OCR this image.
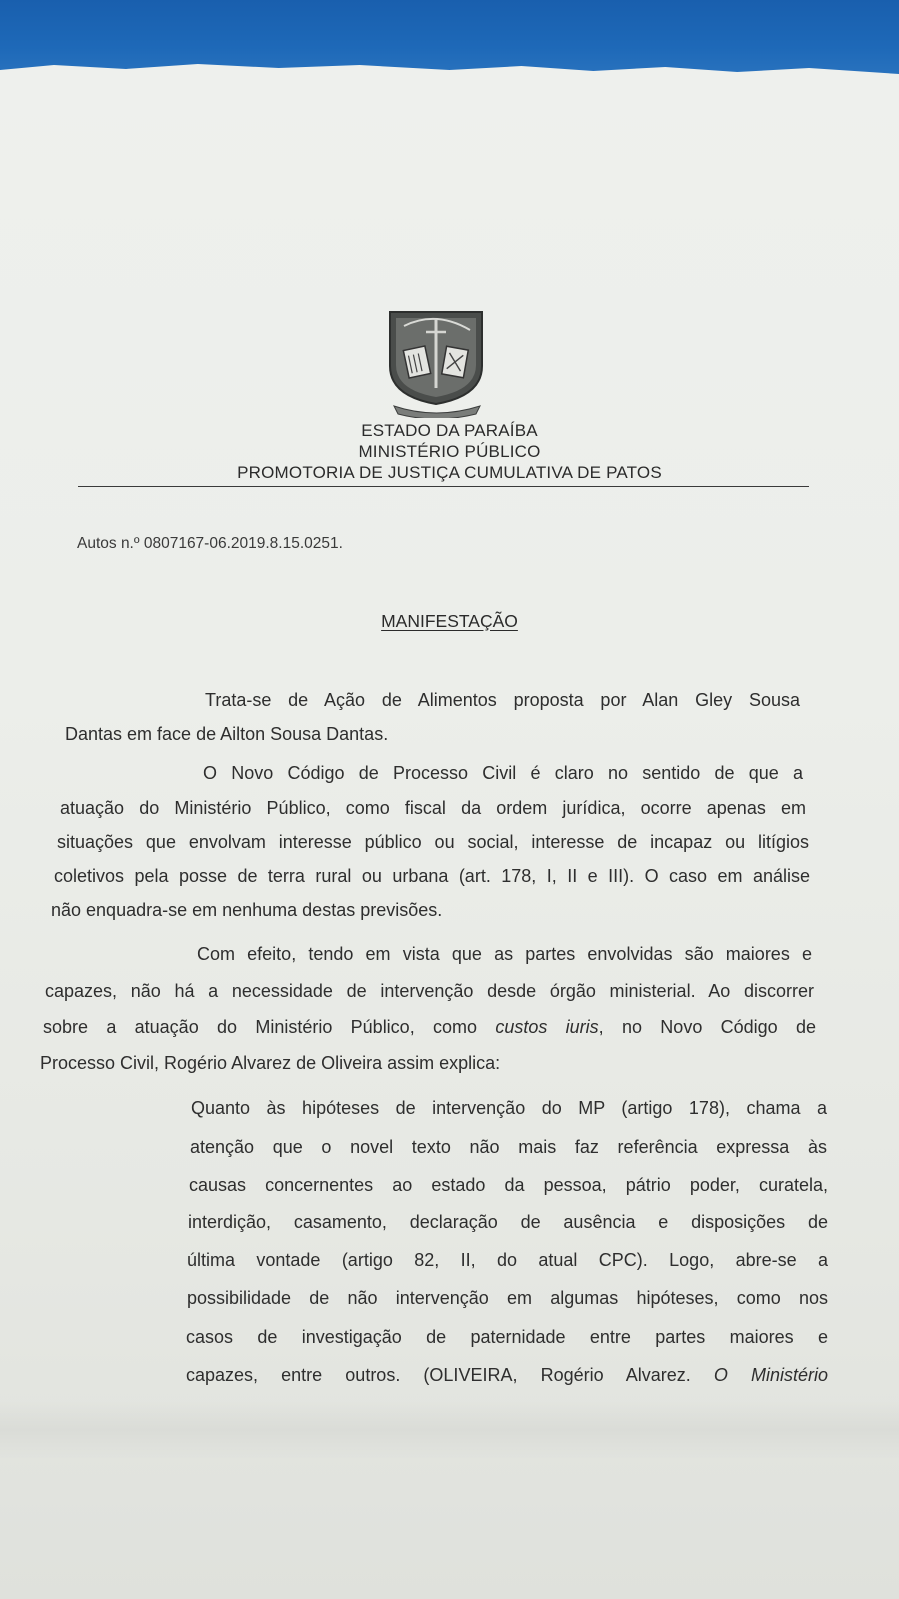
ESTADO DA PARAÍBA
MINISTÉRIO PÚBLICO
PROMOTORIA DE JUSTIÇA CUMULATIVA DE PATOS
Autos n.º 0807167-06.2019.8.15.0251.
MANIFESTAÇÃO
Trata-se de Ação de Alimentos proposta por Alan Gley Sousa
Dantas em face de Ailton Sousa Dantas.
O Novo Código de Processo Civil é claro no sentido de que a
atuação do Ministério Público, como fiscal da ordem jurídica, ocorre apenas em
situações que envolvam interesse público ou social, interesse de incapaz ou litígios
coletivos pela posse de terra rural ou urbana (art. 178, I, II e III). O caso em análise
não enquadra-se em nenhuma destas previsões.
Com efeito, tendo em vista que as partes envolvidas são maiores e
capazes, não há a necessidade de intervenção desde órgão ministerial. Ao discorrer
sobre a atuação do Ministério Público, como custos iuris, no Novo Código de
Processo Civil, Rogério Alvarez de Oliveira assim explica:
Quanto às hipóteses de intervenção do MP (artigo 178), chama a
atenção que o novel texto não mais faz referência expressa às
causas concernentes ao estado da pessoa, pátrio poder, curatela,
interdição, casamento, declaração de ausência e disposições de
última vontade (artigo 82, II, do atual CPC). Logo, abre-se a
possibilidade de não intervenção em algumas hipóteses, como nos
casos de investigação de paternidade entre partes maiores e
capazes, entre outros. (OLIVEIRA, Rogério Alvarez. O Ministério
